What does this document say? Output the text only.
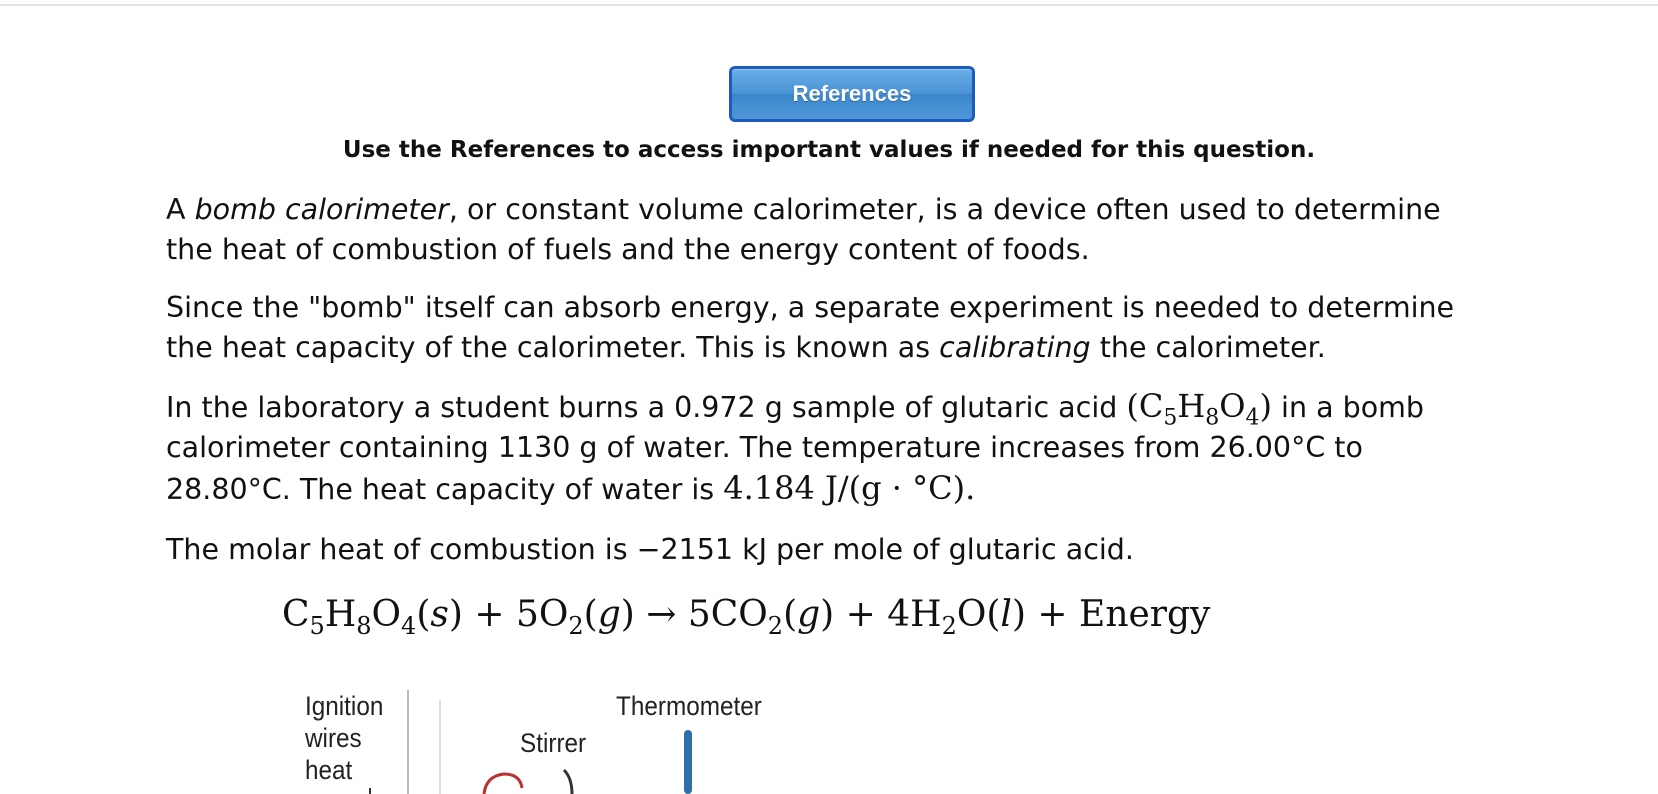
References
Use the References to access important values if needed for this question.
A bomb calorimeter, or constant volume calorimeter, is a device often used to determine
the heat of combustion of fuels and the energy content of foods.
Since the "bomb" itself can absorb energy, a separate experiment is needed to determine
the heat capacity of the calorimeter. This is known as calibrating the calorimeter.
In the laboratory a student burns a 0.972 g sample of glutaric acid $(C_5H_8O_4)$ in a bomb
calorimeter containing 1130 g of water. The temperature increases from 26.00°C to
28.80°C. The heat capacity of water is 4.184 J/(g · °C).
The molar heat of combustion is −2151 kJ per mole of glutaric acid.
$C_5H_8O_4(s) + 5O_2(g) \to 5CO_2(g) + 4H_2O(l)$ + Energy
Ignition
wires
heat
Stirrer
Thermometer
